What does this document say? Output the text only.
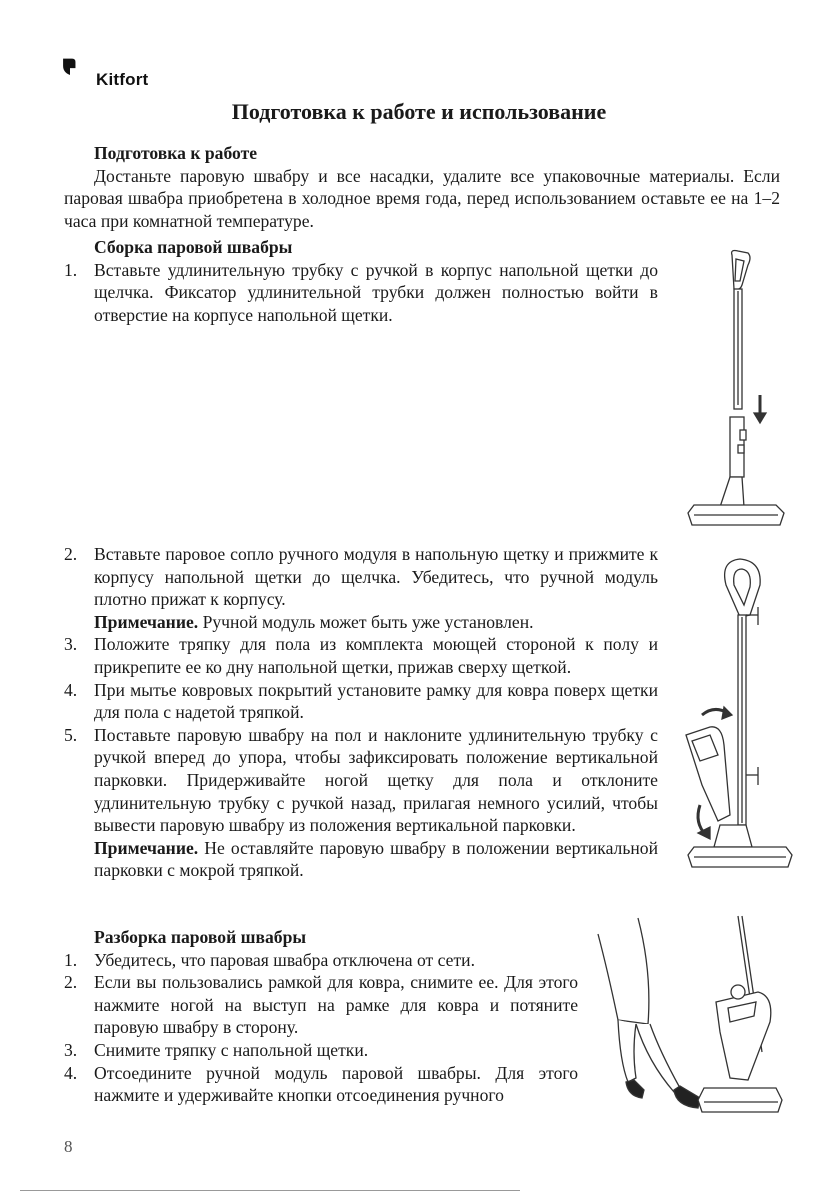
Kitfort
Подготовка к работе и использование
Подготовка к работе
Достаньте паровую швабру и все насадки, удалите все упаковочные материалы. Если паровая швабра приобретена в холодное время года, перед использованием оставьте ее на 1–2 часа при комнатной температуре.
Сборка паровой швабры
1. Вставьте удлинительную трубку с ручкой в корпус напольной щетки до щелчка. Фиксатор удлинительной трубки должен полностью войти в отверстие на корпусе напольной щетки.
2. Вставьте паровое сопло ручного модуля в напольную щетку и прижмите к корпусу напольной щетки до щелчка. Убедитесь, что ручной модуль плотно прижат к корпусу.
Примечание. Ручной модуль может быть уже установлен.
3. Положите тряпку для пола из комплекта моющей стороной к полу и прикрепите ее ко дну напольной щетки, прижав сверху щеткой.
4. При мытье ковровых покрытий установите рамку для ковра поверх щетки для пола с надетой тряпкой.
5. Поставьте паровую швабру на пол и наклоните удлинительную трубку с ручкой вперед до упора, чтобы зафиксировать положение вертикальной парковки. Придерживайте ногой щетку для пола и отклоните удлинительную трубку с ручкой назад, прилагая немного усилий, чтобы вывести паровую швабру из положения вертикальной парковки.
Примечание. Не оставляйте паровую швабру в положении вертикальной парковки с мокрой тряпкой.
Разборка паровой швабры
1. Убедитесь, что паровая швабра отключена от сети.
2. Если вы пользовались рамкой для ковра, снимите ее. Для этого нажмите ногой на выступ на рамке для ковра и потяните паровую швабру в сторону.
3. Снимите тряпку с напольной щетки.
4. Отсоедините ручной модуль паровой швабры. Для этого нажмите и удерживайте кнопки отсоединения ручного
8
